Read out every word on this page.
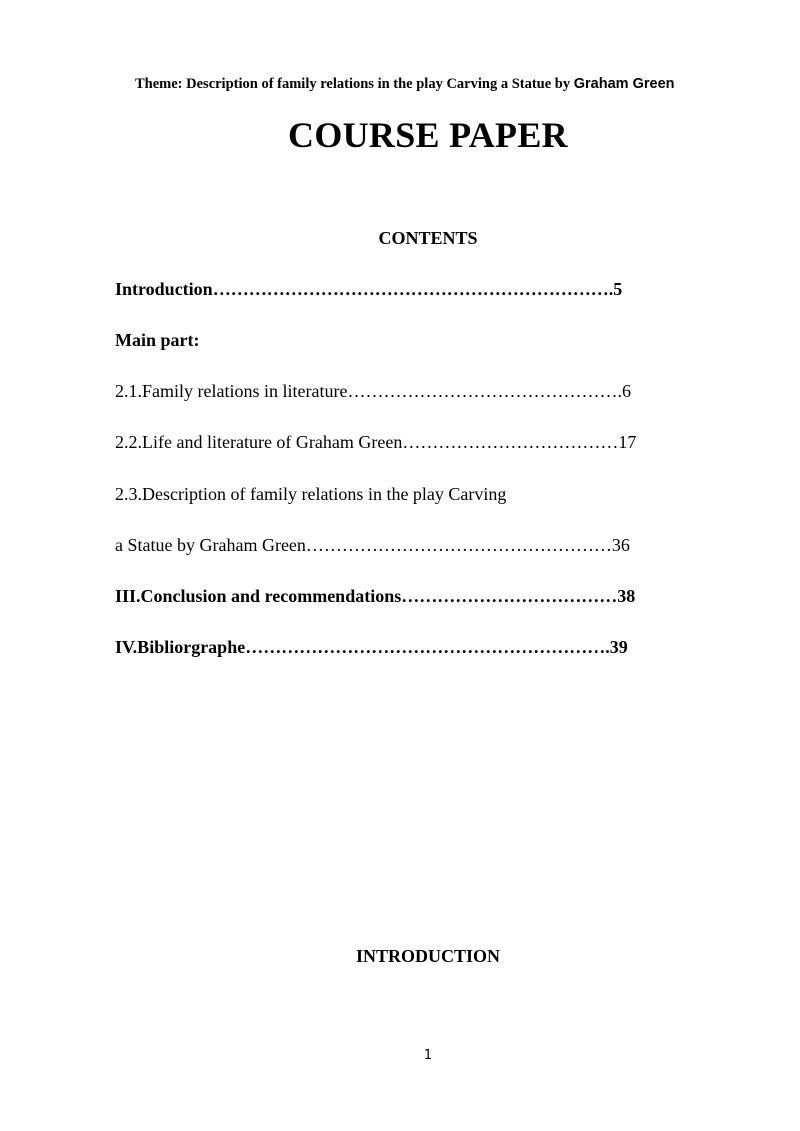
Theme: Description of family relations in the play Carving a Statue by Graham Green
COURSE PAPER
CONTENTS
Introduction………………………………………………………….5
Main part:
2.1.Family relations in literature……………………………………….6
2.2.Life and literature of Graham Green………………………………17
2.3.Description of family relations in the play Carving
a Statue by Graham Green……………………………………………36
III.Conclusion and recommendations………………………………38
IV.Bibliorgraphe…………………………………………………….39
INTRODUCTION
1
